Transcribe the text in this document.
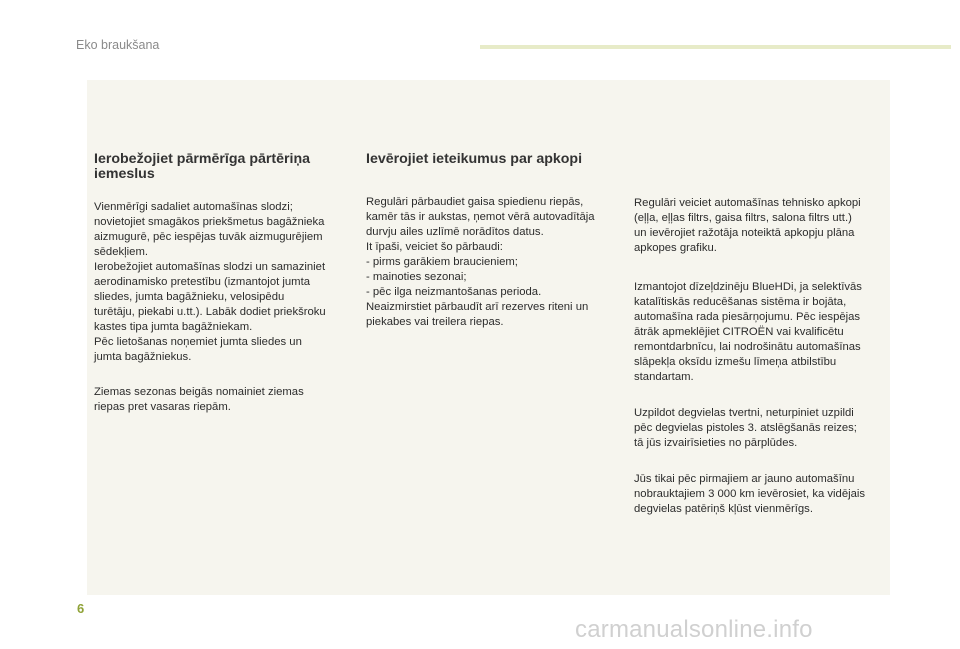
Eko braukšana
Ierobežojiet pārmērīga pārtēriņa
iemeslus

Vienmērīgi sadaliet automašīnas slodzi;
novietojiet smagākos priekšmetus bagāžnieka
aizmugurē, pēc iespējas tuvāk aizmugurējiem
sēdekļiem.
Ierobežojiet automašīnas slodzi un samaziniet
aerodinamisko pretestību (izmantojot jumta
sliedes, jumta bagāžnieku, velosipēdu
turētāju, piekabi u.tt.). Labāk dodiet priekšroku
kastes tipa jumta bagāžniekam.
Pēc lietošanas noņemiet jumta sliedes un
jumta bagāžniekus.

Ziemas sezonas beigās nomainiet ziemas
riepas pret vasaras riepām.

Ievērojiet ieteikumus par apkopi

Regulāri pārbaudiet gaisa spiedienu riepās,
kamēr tās ir aukstas, ņemot vērā autovadītāja
durvju ailes uzlīmē norādītos datus.
It īpaši, veiciet šo pārbaudi:
- pirms garākiem braucieniem;
- mainoties sezonai;
- pēc ilga neizmantošanas perioda.
Neaizmirstiet pārbaudīt arī rezerves riteni un
piekabes vai treilera riepas.

Regulāri veiciet automašīnas tehnisko apkopi
(eļļa, eļļas filtrs, gaisa filtrs, salona filtrs utt.)
un ievērojiet ražotāja noteiktā apkopju plāna
apkopes grafiku.

Izmantojot dīzeļdzinēju BlueHDi, ja selektīvās
katalītiskās reducēšanas sistēma ir bojāta,
automašīna rada piesārņojumu. Pēc iespējas
ātrāk apmeklējiet CITROËN vai kvalificētu
remontdarbnīcu, lai nodrošinātu automašīnas
slāpekļa oksīdu izmešu līmeņa atbilstību
standartam.

Uzpildot degvielas tvertni, neturpiniet uzpildi
pēc degvielas pistoles 3. atslēgšanās reizes;
tā jūs izvairīsieties no pārplūdes.

Jūs tikai pēc pirmajiem ar jauno automašīnu
nobrauktajiem 3 000 km ievērosiet, ka vidējais
degvielas patēriņš kļūst vienmērīgs.

6
carmanualsonline.info
